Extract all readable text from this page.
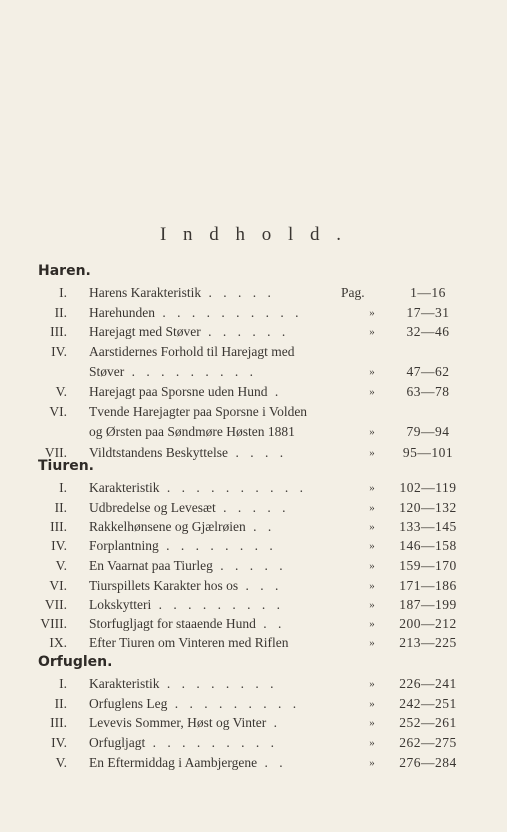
I n d h o l d .
Haren.
I. Harens Karakteristik . . . . .	Pag.	1—16
II. Harehunden . . . . . . . . . .	»	17—31
III. Harejagt med Støver . . . . . .	»	32—46
IV. Aarstidernes Forhold til Harejagt med
Støver . . . . . . . . .	»	47—62
V. Harejagt paa Sporsne uden Hund .	»	63—78
VI. Tvende Harejagter paa Sporsne i Volden
og Ørsten paa Søndmøre Høsten 1881	»	79—94
VII. Vildtstandens Beskyttelse . . . .	»	95—101
Tiuren.
I. Karakteristik . . . . . . . . . .	»	102—119
II. Udbredelse og Levesæt . . . . .	»	120—132
III. Rakkelhønsene og Gjælrøien . .	»	133—145
IV. Forplantning . . . . . . . .	»	146—158
V. En Vaarnat paa Tiurleg . . . . .	»	159—170
VI. Tiurspillets Karakter hos os . . .	»	171—186
VII. Lokskytteri . . . . . . . . .	»	187—199
VIII. Storfugljagt for staaende Hund . .	»	200—212
IX. Efter Tiuren om Vinteren med Riflen	»	213—225
Orfuglen.
I. Karakteristik . . . . . . . .	»	226—241
II. Orfuglens Leg . . . . . . . . .	»	242—251
III. Levevis Sommer, Høst og Vinter .	»	252—261
IV. Orfugljagt . . . . . . . . .	»	262—275
V. En Eftermiddag i Aambjergene . .	»	276—284
